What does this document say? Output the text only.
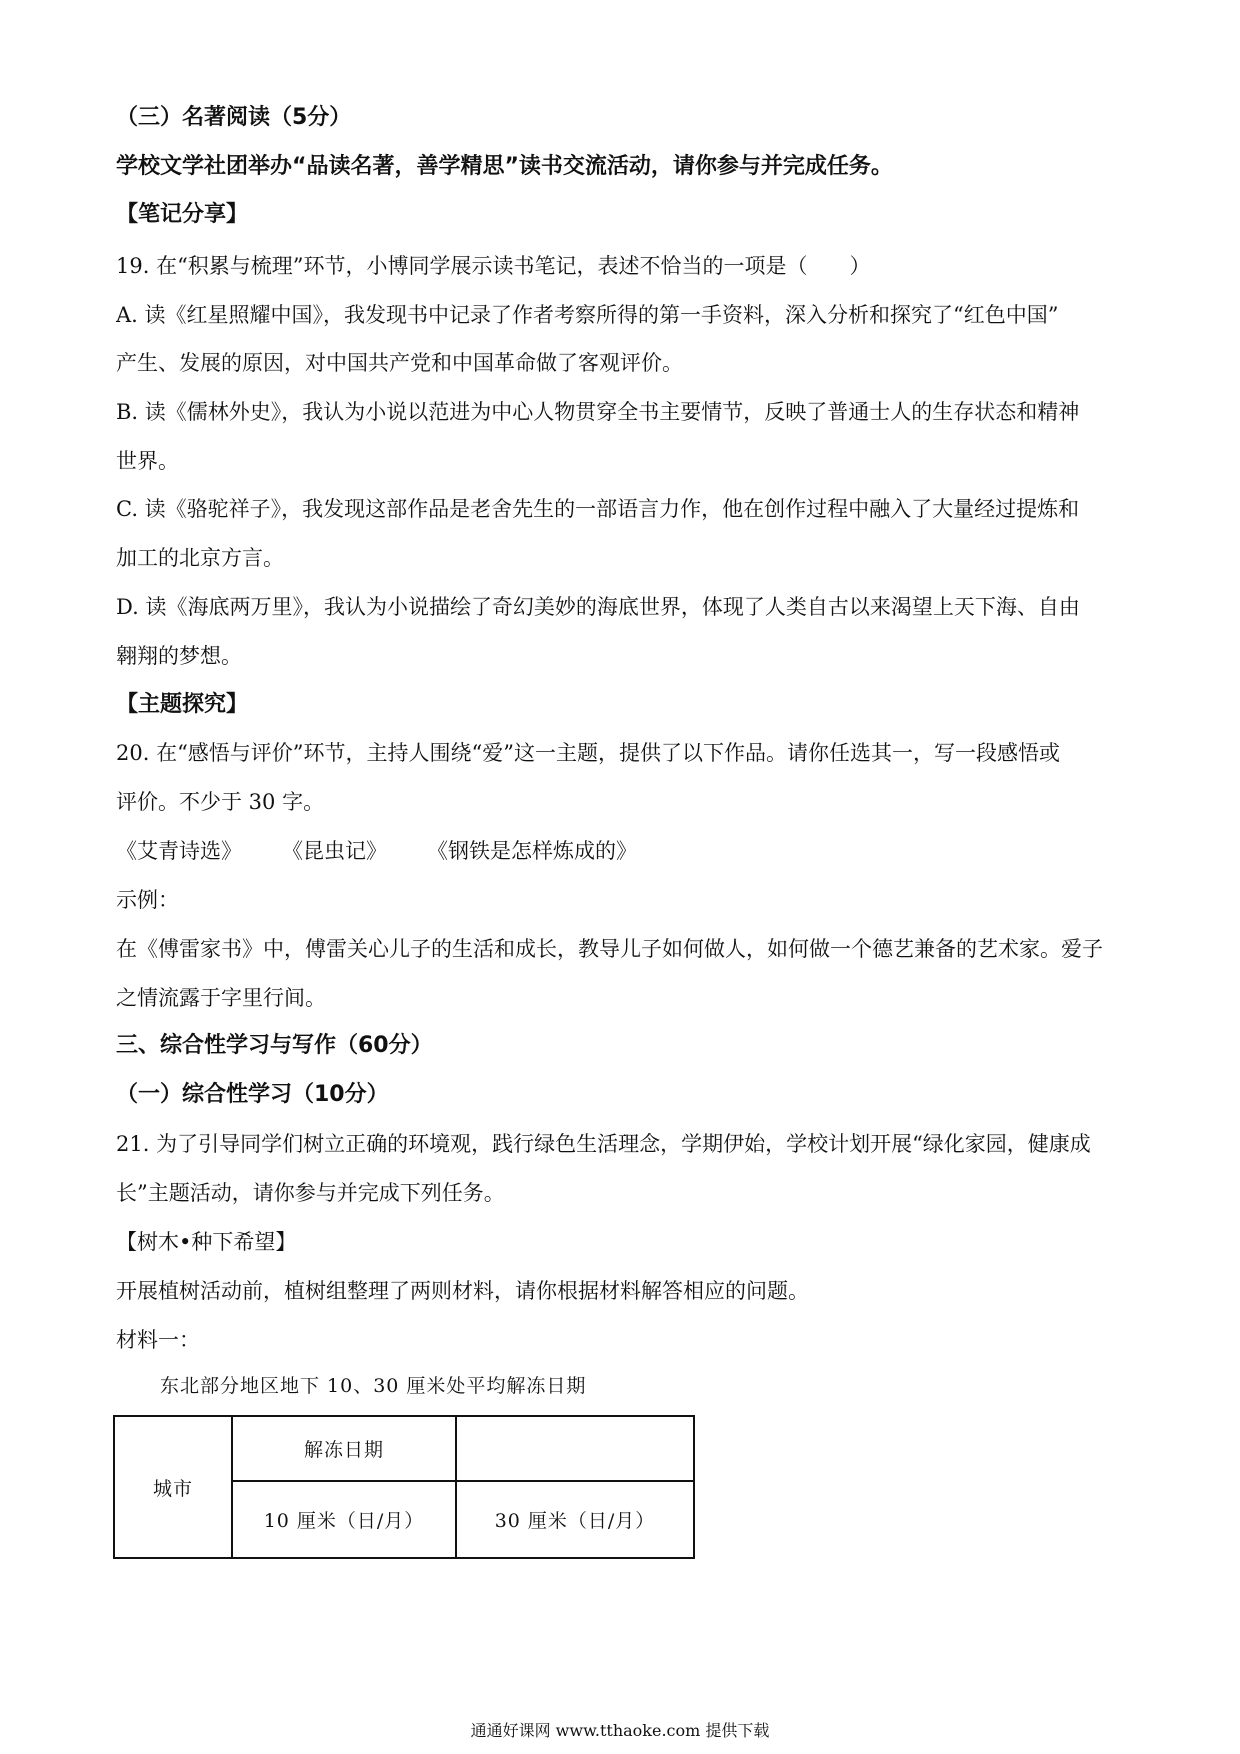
（三）名著阅读（5分）
学校文学社团举办“品读名著，善学精思”读书交流活动，请你参与并完成任务。
【笔记分享】
19. 在“积累与梳理”环节，小博同学展示读书笔记，表述不恰当的一项是（　　）
A. 读《红星照耀中国》，我发现书中记录了作者考察所得的第一手资料，深入分析和探究了“红色中国”
产生、发展的原因，对中国共产党和中国革命做了客观评价。
B. 读《儒林外史》，我认为小说以范进为中心人物贯穿全书主要情节，反映了普通士人的生存状态和精神
世界。
C. 读《骆驼祥子》，我发现这部作品是老舍先生的一部语言力作，他在创作过程中融入了大量经过提炼和
加工的北京方言。
D. 读《海底两万里》，我认为小说描绘了奇幻美妙的海底世界，体现了人类自古以来渴望上天下海、自由
翱翔的梦想。
【主题探究】
20. 在“感悟与评价”环节，主持人围绕“爱”这一主题，提供了以下作品。请你任选其一，写一段感悟或
评价。不少于 30 字。
《艾青诗选》 《昆虫记》 《钢铁是怎样炼成的》
示例：
在《傅雷家书》中，傅雷关心儿子的生活和成长，教导儿子如何做人，如何做一个德艺兼备的艺术家。爱子
之情流露于字里行间。
三、综合性学习与写作（60分）
（一）综合性学习（10分）
21. 为了引导同学们树立正确的环境观，践行绿色生活理念，学期伊始，学校计划开展“绿化家园，健康成
长”主题活动，请你参与并完成下列任务。
【树木•种下希望】
开展植树活动前，植树组整理了两则材料，请你根据材料解答相应的问题。
材料一：
东北部分地区地下 10、30 厘米处平均解冻日期
城市	解冻日期	
	10 厘米（日/月）	30 厘米（日/月）
通通好课网 www.tthaoke.com 提供下载
